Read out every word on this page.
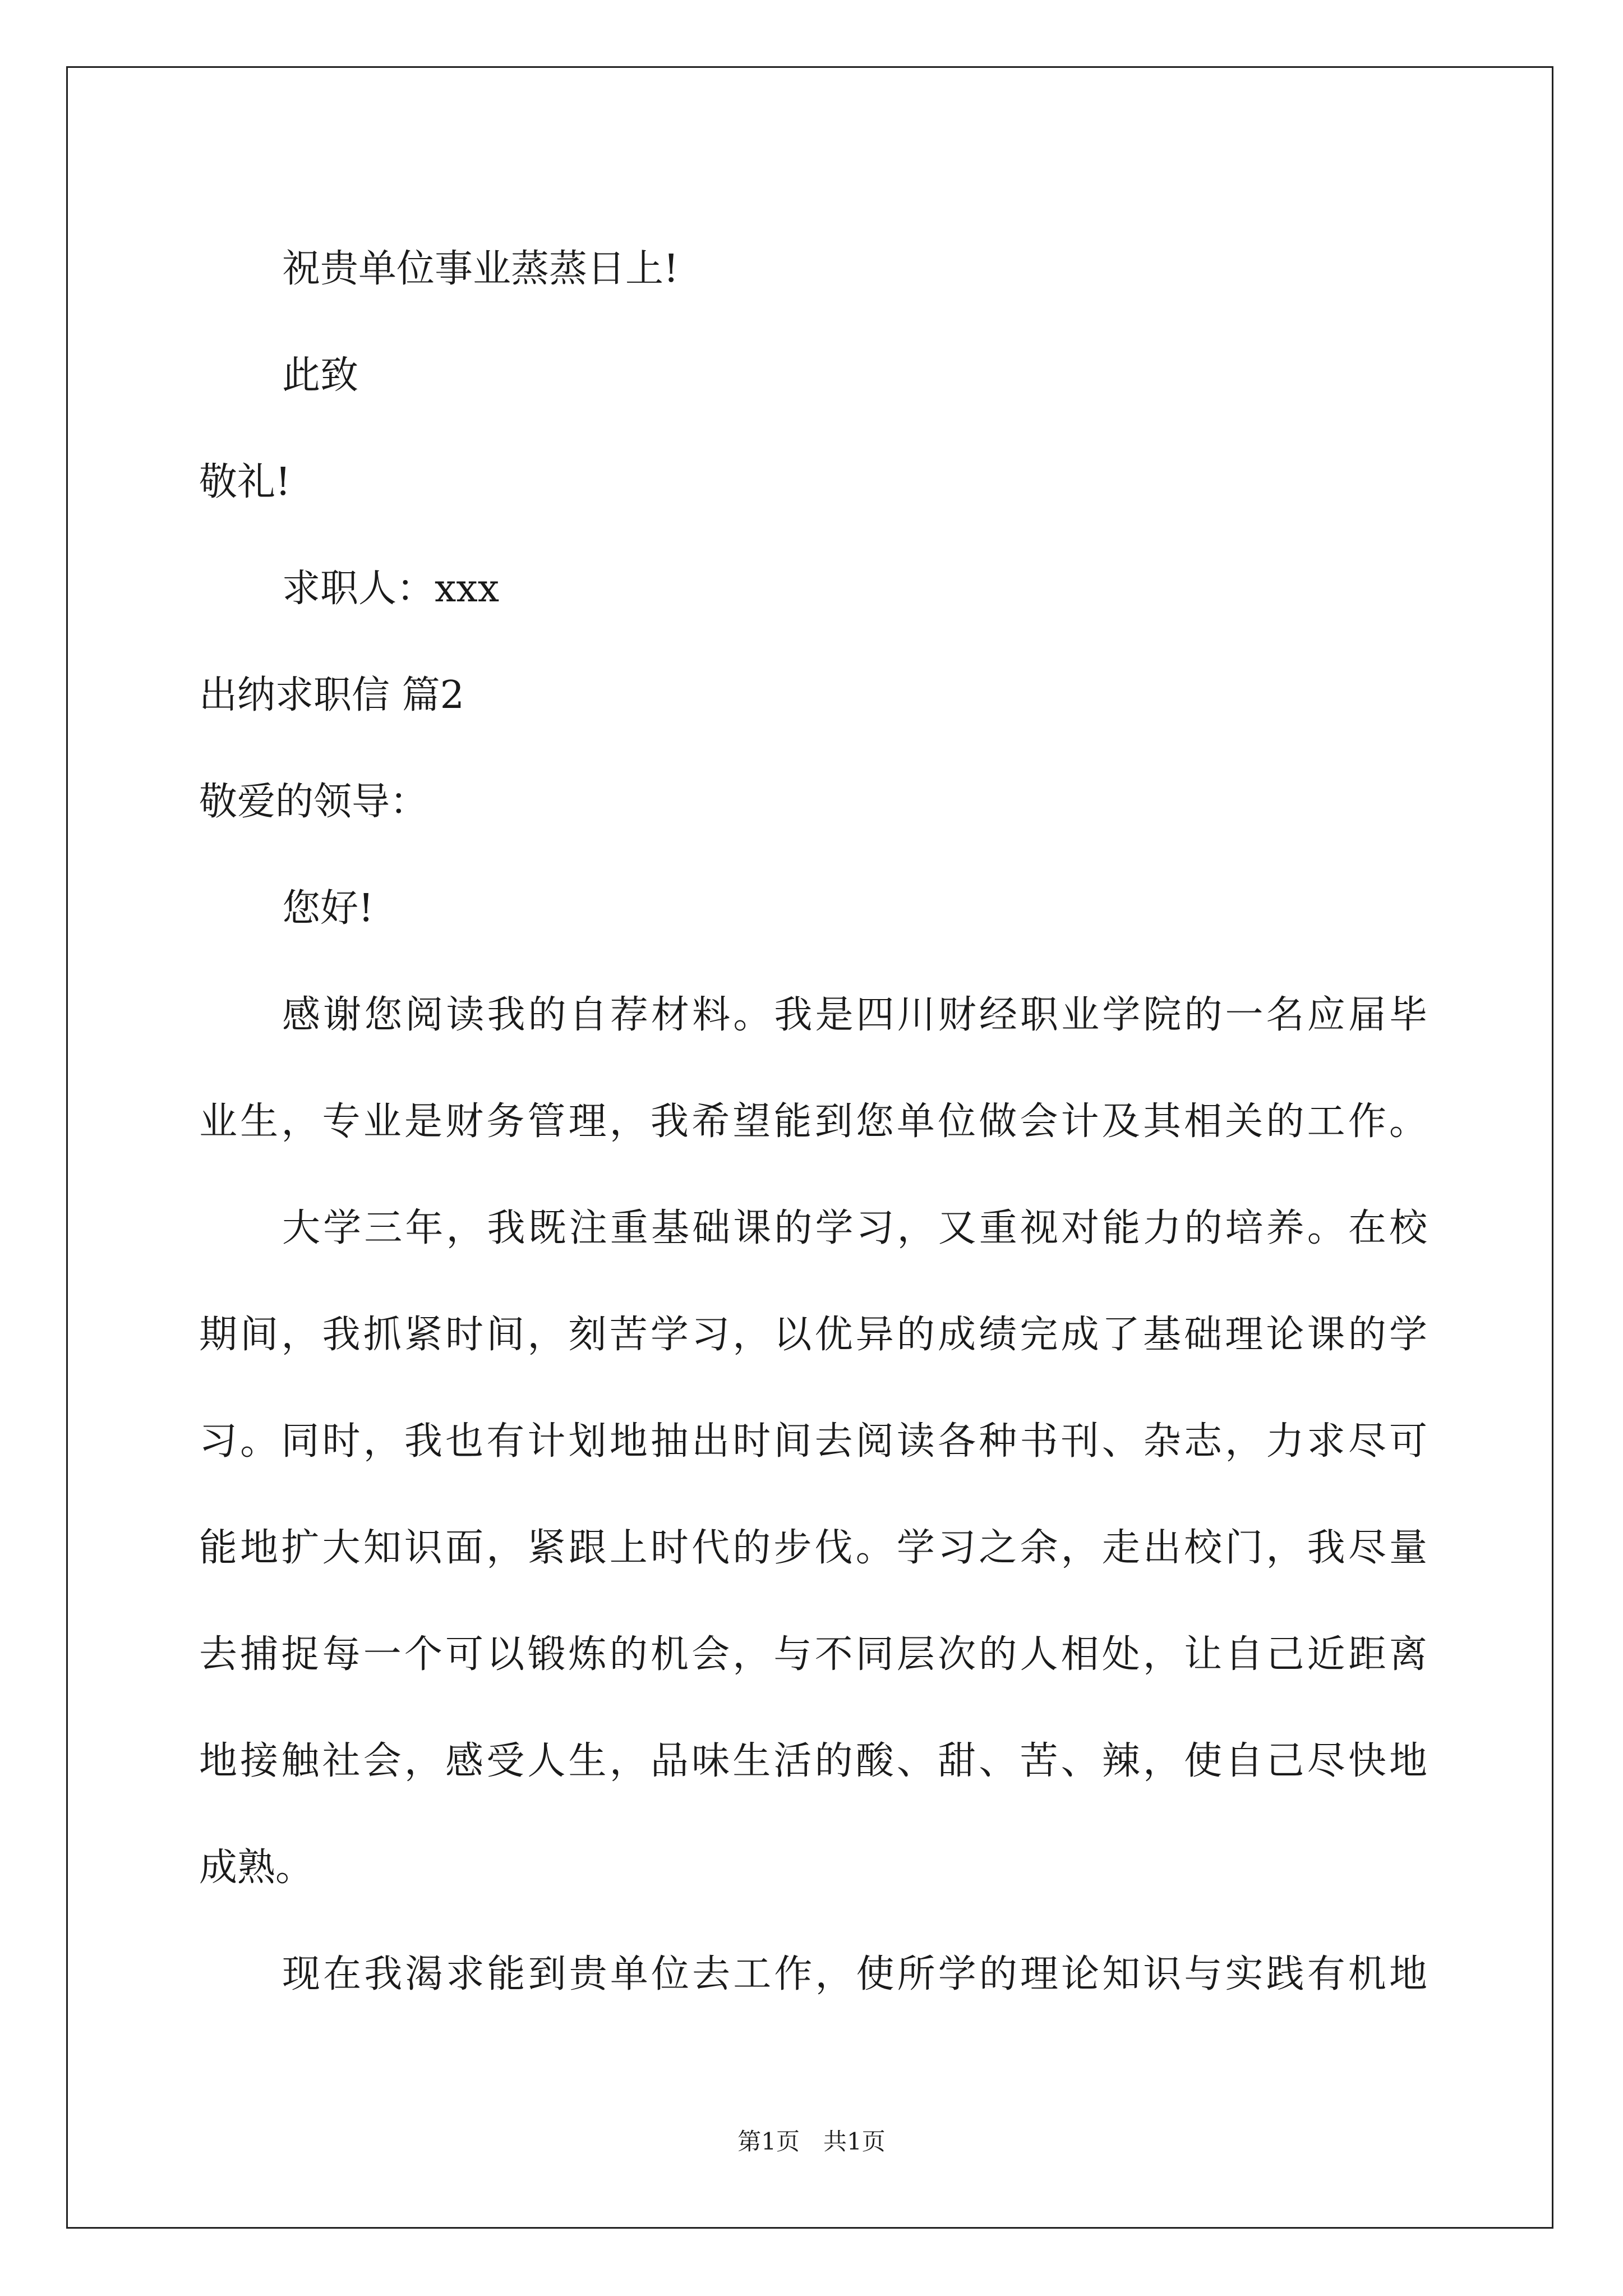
祝贵单位事业蒸蒸日上!
此致
敬礼!
求职人：xxx
出纳求职信 篇2
敬爱的领导：
您好!
感谢您阅读我的自荐材料。我是四川财经职业学院的一名应届毕
业生，专业是财务管理，我希望能到您单位做会计及其相关的工作。
大学三年，我既注重基础课的学习，又重视对能力的培养。在校
期间，我抓紧时间，刻苦学习，以优异的成绩完成了基础理论课的学
习。同时，我也有计划地抽出时间去阅读各种书刊、杂志，力求尽可
能地扩大知识面，紧跟上时代的步伐。学习之余，走出校门，我尽量
去捕捉每一个可以锻炼的机会，与不同层次的人相处，让自己近距离
地接触社会，感受人生，品味生活的酸、甜、苦、辣，使自己尽快地
成熟。
现在我渴求能到贵单位去工作，使所学的理论知识与实践有机地
第1页　共1页
